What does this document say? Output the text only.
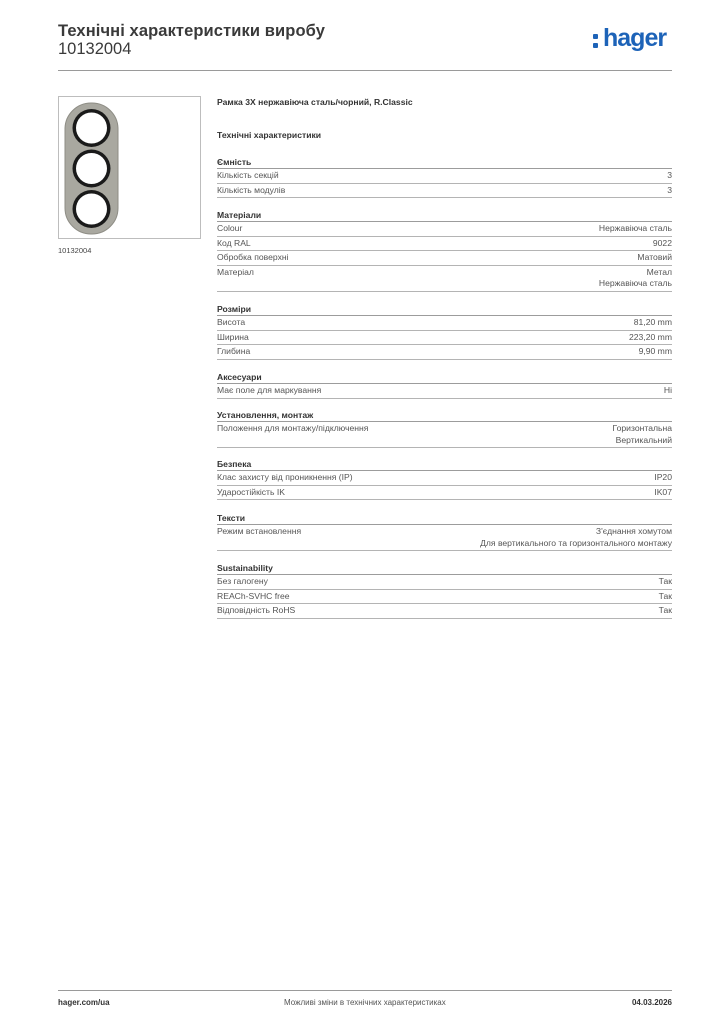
Технічні характеристики виробу
10132004	hager
10132004
Рамка 3X нержавіюча сталь/чорний, R.Classic
Технічні характеристики
Ємність
Кількість секцій	3
Кількість модулів	3
Матеріали
Colour	Нержавіюча сталь
Код RAL	9022
Обробка поверхні	Матовий
Матеріал	Метал
Нержавіюча сталь
Розміри
Висота	81,20 mm
Ширина	223,20 mm
Глибина	9,90 mm
Аксесуари
Має поле для маркування	Ні
Установлення, монтаж
Положення для монтажу/підключення	Горизонтальна
Вертикальний
Безпека
Клас захисту від проникнення (IP)	IP20
Ударостійкість IK	IK07
Тексти
Режим встановлення	З'єднання хомутом
Для вертикального та горизонтального монтажу
Sustainability
Без галогену	Так
REACh-SVHC free	Так
Відповідність RoHS	Так
hager.com/ua	Можливі зміни в технічних характеристиках	04.03.2026
